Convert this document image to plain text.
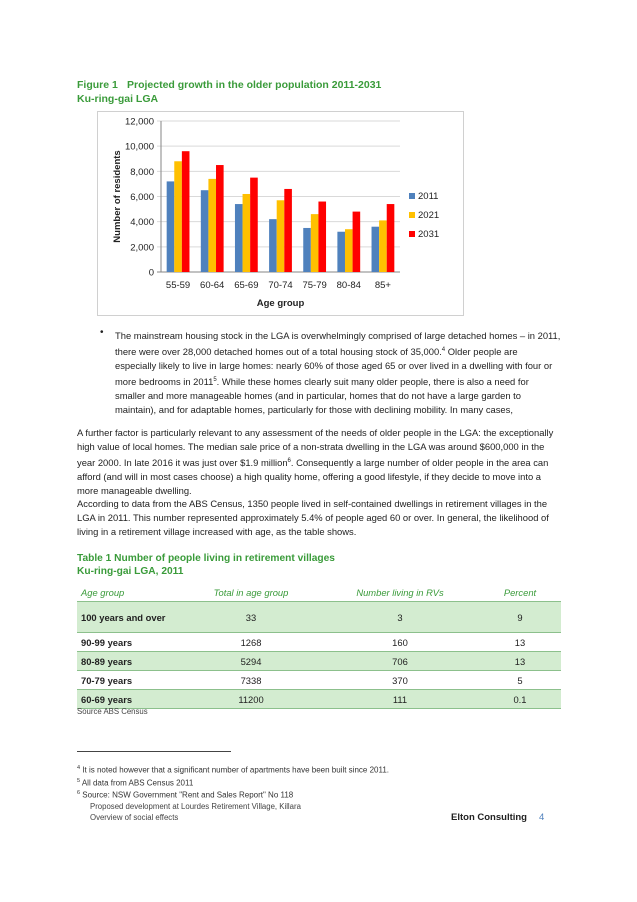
Figure 1 Projected growth in the older population 2011-2031
Ku-ring-gai LGA
0
2,000
4,000
6,000
8,000
10,000
12,000
55-59 60-64 65-69 70-74 75-79 80-84 85+
Age group
Number of residents	2011
2021
2031
• The mainstream housing stock in the LGA is overwhelmingly comprised of large detached homes – in 2011, there were over 28,000 detached homes out of a total housing stock of 35,000.$^4$ Older people are especially likely to live in large homes: nearly 60% of those aged 65 or over lived in a dwelling with four or more bedrooms in 2011$^5$. While these homes clearly suit many older people, there is also a need for smaller and more manageable homes (and in particular, homes that do not have a large garden to maintain), and for adaptable homes, particularly for those with declining mobility. In many cases,

A further factor is particularly relevant to any assessment of the needs of older people in the LGA: the exceptionally high value of local homes. The median sale price of a non-strata dwelling in the LGA was around $600,000 in the year 2000. In late 2016 it was just over $1.9 million$^6$. Consequently a large number of older people in the area can afford (and will in most cases choose) a high quality home, offering a good lifestyle, if they decide to move into a more manageable dwelling.

According to data from the ABS Census, 1350 people lived in self-contained dwellings in retirement villages in the LGA in 2011. This number represented approximately 5.4% of people aged 60 or over. In general, the likelihood of living in a retirement village increased with age, as the table shows.

Table 1 Number of people living in retirement villages
Ku-ring-gai LGA, 2011
Age group	Total in age group	Number living in RVs	Percent
100 years and over	33	3	9
90-99 years	1268	160	13
80-89 years	5294	706	13
70-79 years	7338	370	5
60-69 years	11200	111	0.1
Source ABS Census
$^4$ It is noted however that a significant number of apartments have been built since 2011.
$^5$ All data from ABS Census 2011
$^6$ Source: NSW Government "Rent and Sales Report" No 118
Proposed development at Lourdes Retirement Village, Killara
Overview of social effects	Elton Consulting 4
